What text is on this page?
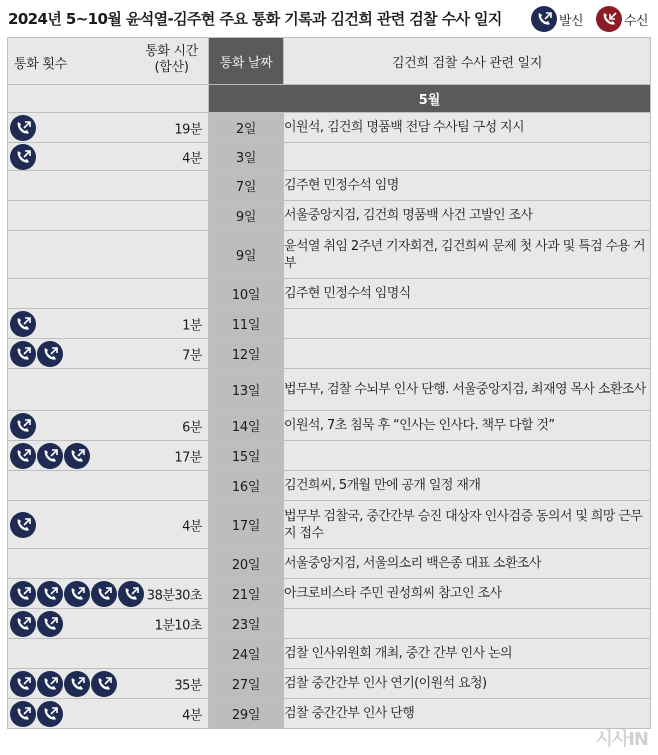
2024년 5~10월 윤석열-김주현 주요 통화 기록과 김건희 관련 검찰 수사 일지	발신	수신
통화 횟수
통화 시간
(합산)	통화 날짜	김건희 검찰 수사 관련 일지
	5월	

19분	2일	이원석, 김건희 명품백 전담 수사팀 구성 지시

4분	3일	

	7일	김주현 민정수석 임명

	9일	서울중앙지검, 김건희 명품백 사건 고발인 조사

	9일	윤석열 취임 2주년 기자회견, 김건희씨 문제 첫 사과 및 특검 수용 거부

	10일	김주현 민정수석 임명식

1분	11일	

7분	12일	

	13일	법무부, 검찰 수뇌부 인사 단행. 서울중앙지검, 최재영 목사 소환조사

6분	14일	이원석, 7초 침묵 후 “인사는 인사다. 책무 다할 것”

17분	15일	

	16일	김건희씨, 5개월 만에 공개 일정 재개

4분	17일	법무부 검찰국, 중간간부 승진 대상자 인사검증 동의서 및 희망 근무지 접수

	20일	서울중앙지검, 서울의소리 백은종 대표 소환조사

38분30초	21일	아크로비스타 주민 권성희씨 참고인 조사

1분10초	23일	

	24일	검찰 인사위원회 개최, 중간 간부 인사 논의

35분	27일	검찰 중간간부 인사 연기(이원석 요청)

4분	29일	검찰 중간간부 인사 단행
시사IN
